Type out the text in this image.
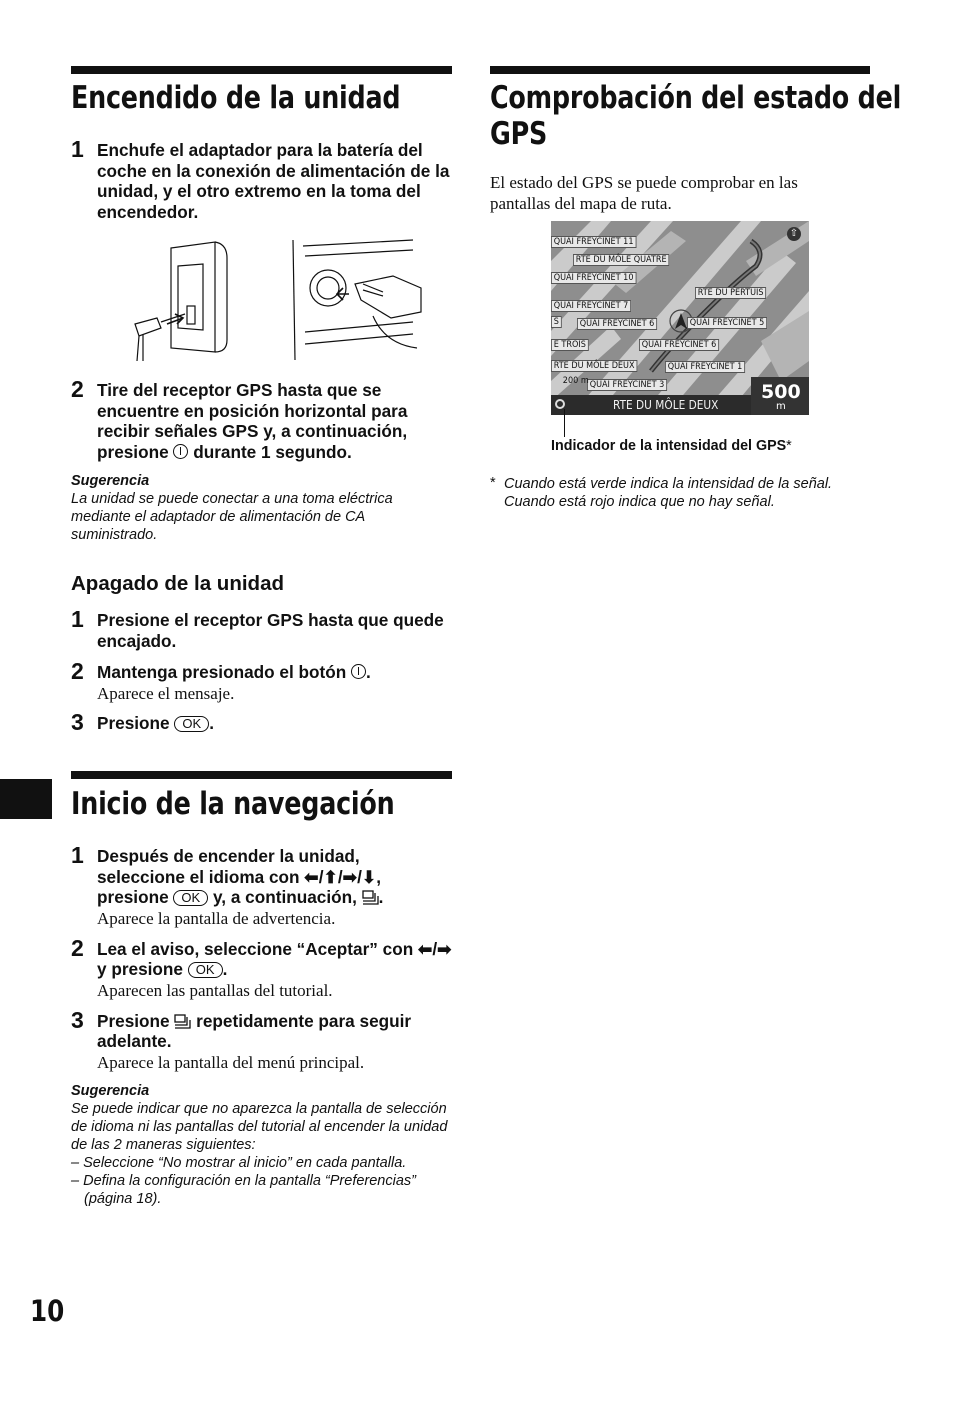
Encendido de la unidad
1 Enchufe el adaptador para la batería del coche en la conexión de alimentación de la unidad, y el otro extremo en la toma del encendedor.
2 Tire del receptor GPS hasta que se encuentre en posición horizontal para recibir señales GPS y, a continuación, presione durante 1 segundo.
Sugerencia
La unidad se puede conectar a una toma eléctrica mediante el adaptador de alimentación de CA suministrado.
Apagado de la unidad
1 Presione el receptor GPS hasta que quede encajado.
2 Mantenga presionado el botón .
Aparece el mensaje.
3 Presione OK .
Inicio de la navegación
1 Después de encender la unidad, seleccione el idioma con ⬅/⬆/➡/⬇, presione OK y, a continuación, .
Aparece la pantalla de advertencia.
2 Lea el aviso, seleccione “Aceptar” con ⬅/➡ y presione OK .
Aparecen las pantallas del tutorial.
3 Presione repetidamente para seguir adelante.
Aparece la pantalla del menú principal.
Sugerencia
Se puede indicar que no aparezca la pantalla de selección de idioma ni las pantallas del tutorial al encender la unidad de las 2 maneras siguientes:
– Seleccione “No mostrar al inicio” en cada pantalla.
– Defina la configuración en la pantalla “Preferencias”
(página 18).
Comprobación del estado del
GPS
El estado del GPS se puede comprobar en las pantallas del mapa de ruta.
QUAI FREYCINET 11
RTE DU MÔLE QUATRE
QUAI FREYCINET 10
RTE DU PERTUIS
QUAI FREYCINET 7
QUAI FREYCINET 6	QUAI FREYCINET 5
S
QUAI FREYCINET 6
E TROIS
RTE DU MÔLE DEUX	QUAI FREYCINET 1
QUAI FREYCINET 3
200 m
⇧
RTE DU MÔLE DEUX
500
m
Indicador de la intensidad del GPS*
* Cuando está verde indica la intensidad de la señal.
Cuando está rojo indica que no hay señal.
10
